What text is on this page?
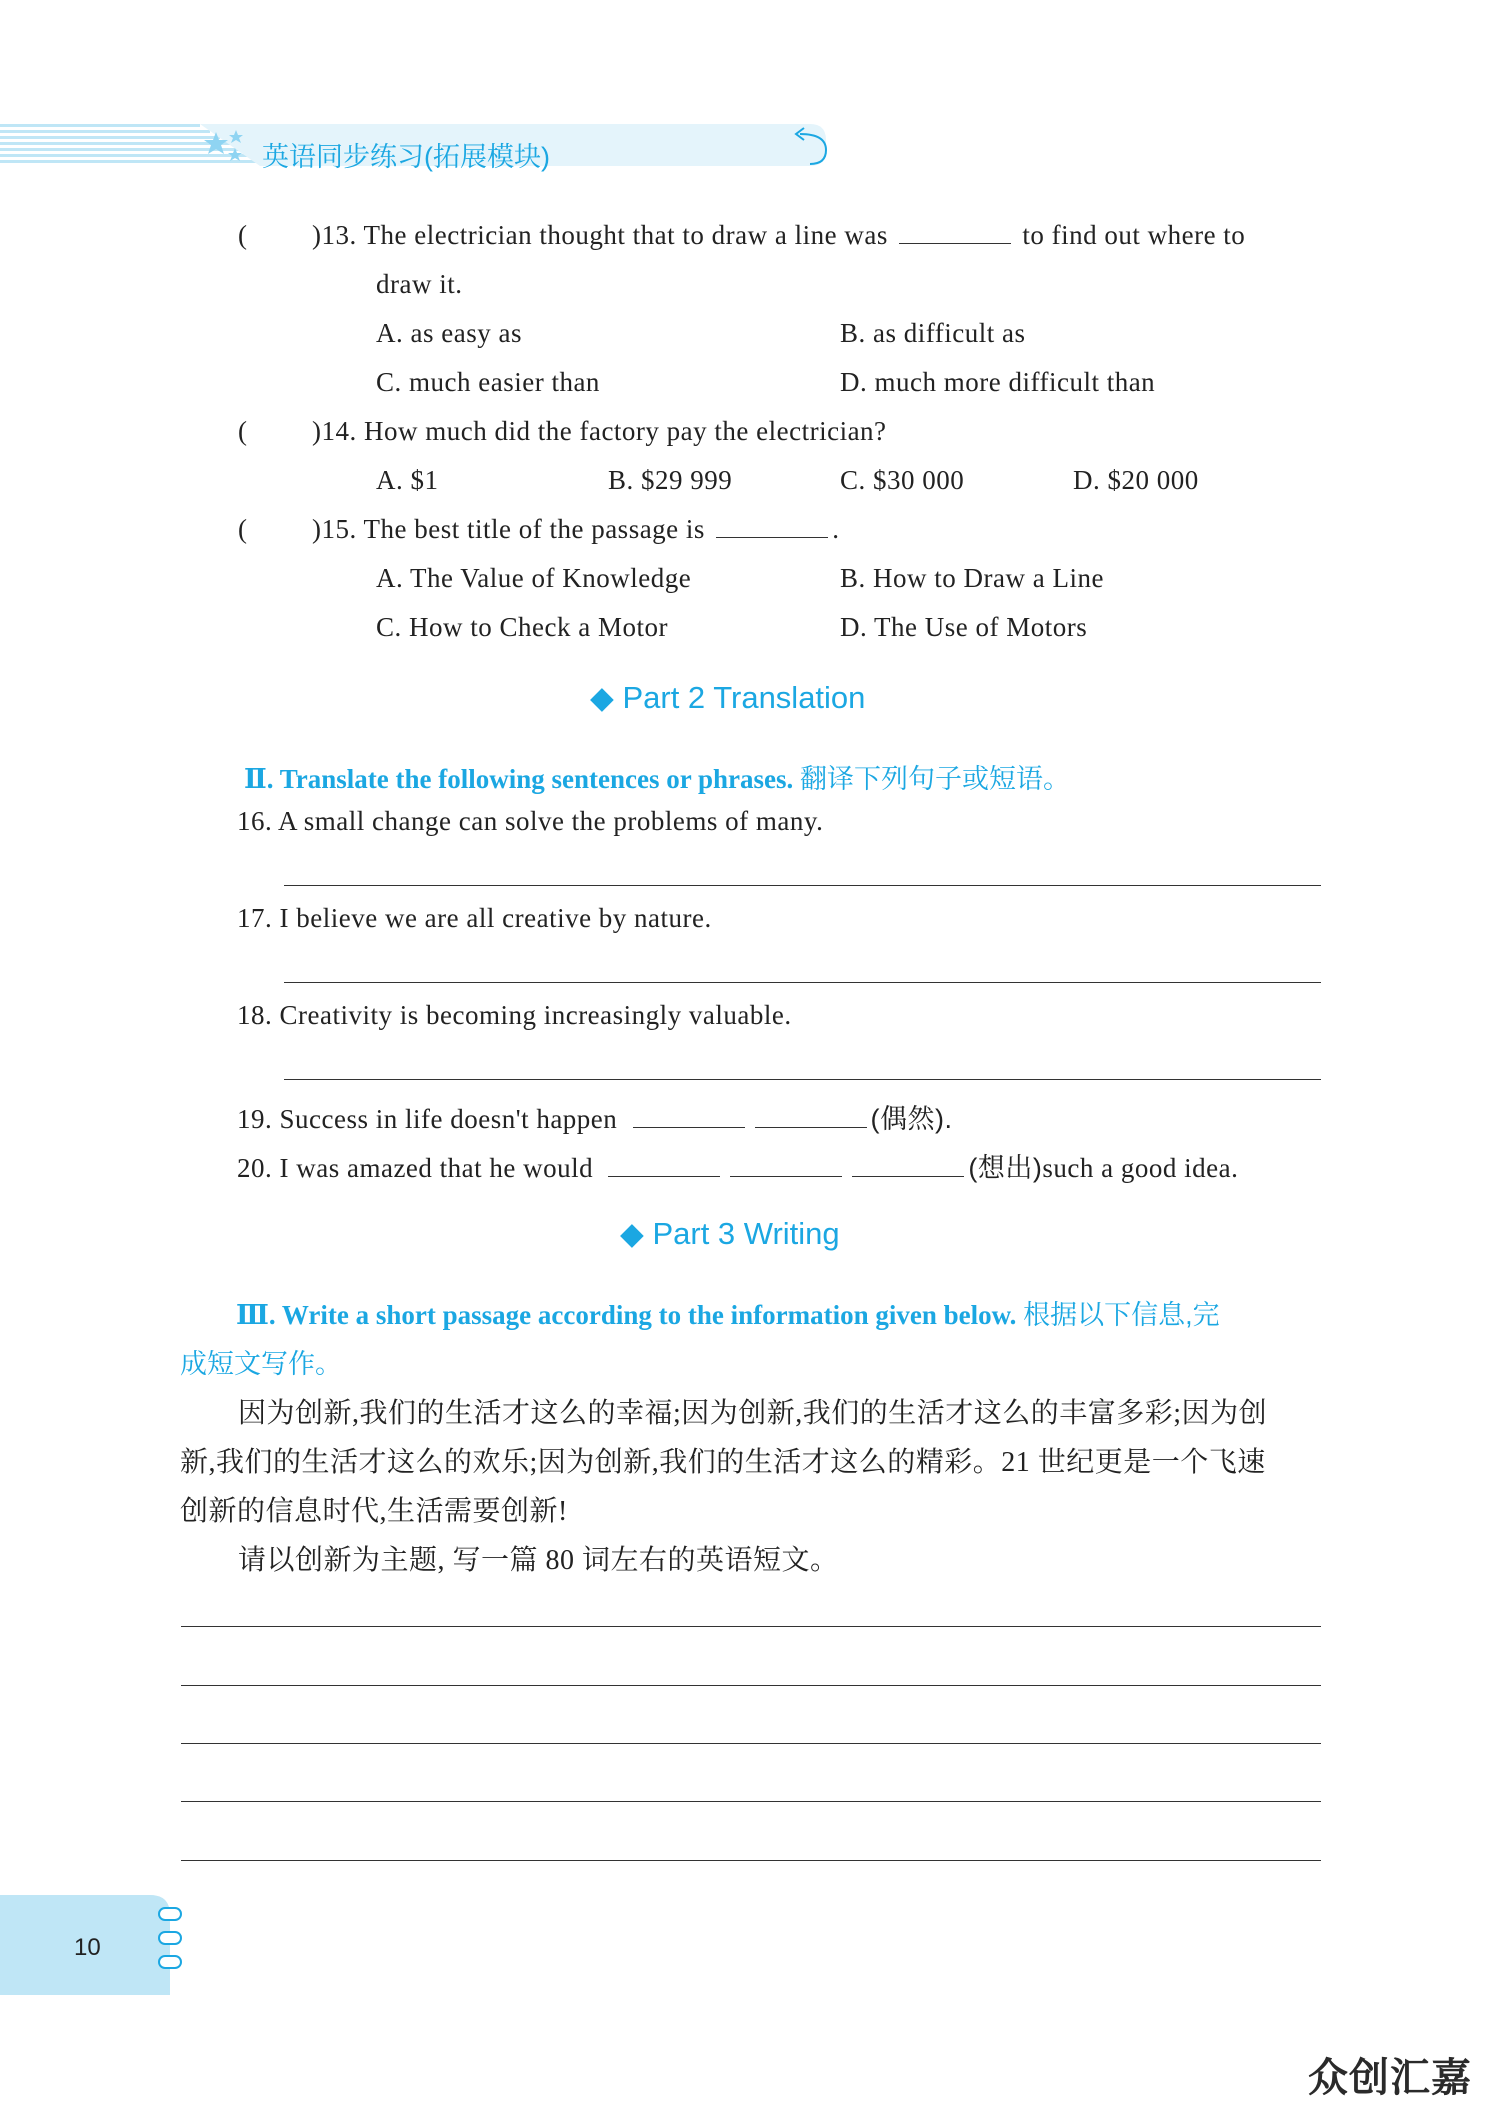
英语同步练习(拓展模块)
( )13. The electrician thought that to draw a line was	to find out where to
draw it.
A. as easy as	B. as difficult as
C. much easier than	D. much more difficult than
( )14. How much did the factory pay the electrician?
A. $1	B. $29 999	C. $30 000	D. $20 000
( )15. The best title of the passage is	.
A. The Value of Knowledge	B. How to Draw a Line
C. How to Check a Motor	D. The Use of Motors
◆ Part 2 Translation
Ⅱ. Translate the following sentences or phrases. 翻译下列句子或短语。
16. A small change can solve the problems of many.
17. I believe we are all creative by nature.
18. Creativity is becoming increasingly valuable.
19. Success in life doesn't happen	(偶然).
20. I was amazed that he would	(想出)such a good idea.
◆ Part 3 Writing
Ⅲ. Write a short passage according to the information given below. 根据以下信息,完
成短文写作。
因为创新,我们的生活才这么的幸福;因为创新,我们的生活才这么的丰富多彩;因为创
新,我们的生活才这么的欢乐;因为创新,我们的生活才这么的精彩。21 世纪更是一个飞速
创新的信息时代,生活需要创新!
请以创新为主题, 写一篇 80 词左右的英语短文。
10
众创汇嘉
